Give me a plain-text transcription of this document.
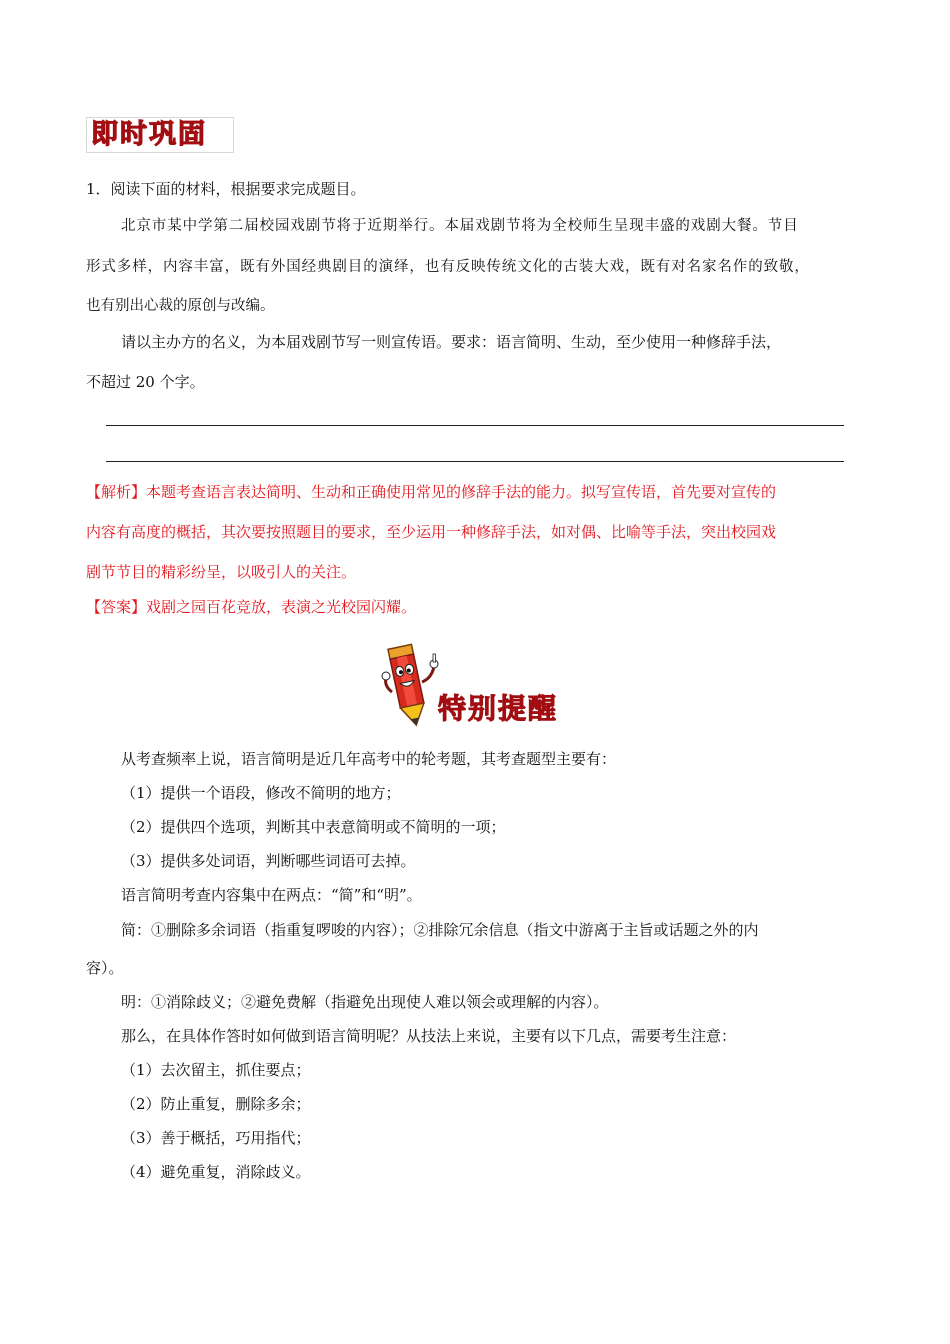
即时巩固
1．阅读下面的材料，根据要求完成题目。
北京市某中学第二届校园戏剧节将于近期举行。本届戏剧节将为全校师生呈现丰盛的戏剧大餐。节目
形式多样，内容丰富，既有外国经典剧目的演绎，也有反映传统文化的古装大戏，既有对名家名作的致敬，
也有别出心裁的原创与改编。
请以主办方的名义，为本届戏剧节写一则宣传语。要求：语言简明、生动，至少使用一种修辞手法，
不超过 20 个字。
【解析】本题考查语言表达简明、生动和正确使用常见的修辞手法的能力。拟写宣传语，首先要对宣传的
内容有高度的概括，其次要按照题目的要求，至少运用一种修辞手法，如对偶、比喻等手法，突出校园戏
剧节节目的精彩纷呈，以吸引人的关注。
【答案】戏剧之园百花竞放，表演之光校园闪耀。
特别提醒
从考查频率上说，语言简明是近几年高考中的轮考题，其考查题型主要有：
（1）提供一个语段，修改不简明的地方；
（2）提供四个选项，判断其中表意简明或不简明的一项；
（3）提供多处词语，判断哪些词语可去掉。
语言简明考查内容集中在两点：“简”和“明”。
简：①删除多余词语（指重复啰唆的内容）；②排除冗余信息（指文中游离于主旨或话题之外的内
容）。
明：①消除歧义；②避免费解（指避免出现使人难以领会或理解的内容）。
那么，在具体作答时如何做到语言简明呢？从技法上来说，主要有以下几点，需要考生注意：
（1）去次留主，抓住要点；
（2）防止重复，删除多余；
（3）善于概括，巧用指代；
（4）避免重复，消除歧义。
